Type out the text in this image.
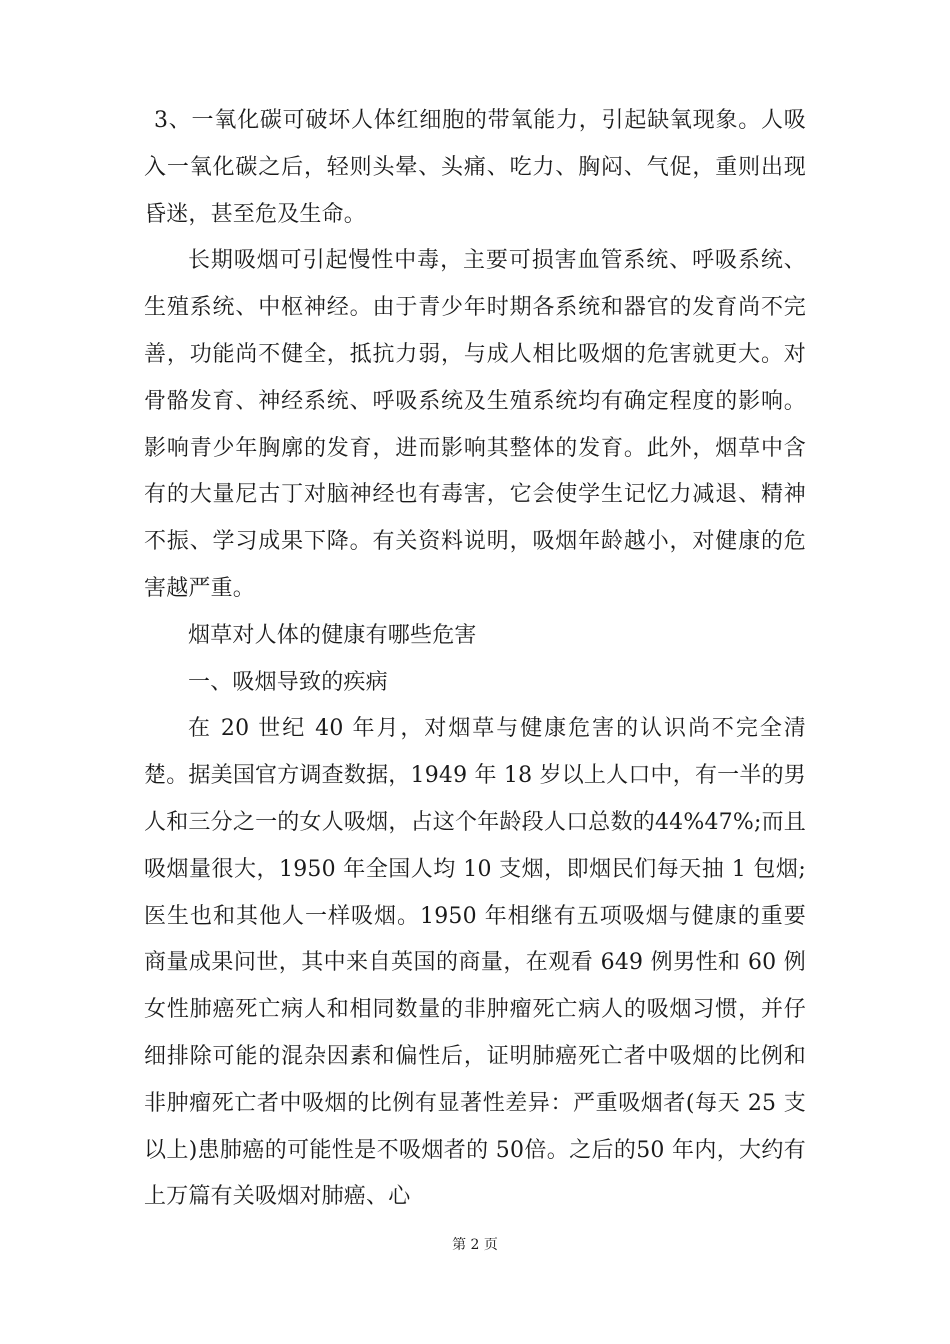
3、一氧化碳可破坏人体红细胞的带氧能力，引起缺氧现象。人吸入一氧化碳之后，轻则头晕、头痛、吃力、胸闷、气促，重则出现昏迷，甚至危及生命。

长期吸烟可引起慢性中毒，主要可损害血管系统、呼吸系统、生殖系统、中枢神经。由于青少年时期各系统和器官的发育尚不完善，功能尚不健全，抵抗力弱，与成人相比吸烟的危害就更大。对骨骼发育、神经系统、呼吸系统及生殖系统均有确定程度的影响。影响青少年胸廓的发育，进而影响其整体的发育。此外，烟草中含有的大量尼古丁对脑神经也有毒害，它会使学生记忆力减退、精神不振、学习成果下降。有关资料说明，吸烟年龄越小，对健康的危害越严重。

烟草对人体的健康有哪些危害

一、吸烟导致的疾病

在 20 世纪 40 年月，对烟草与健康危害的认识尚不完全清楚。据美国官方调查数据，1949 年 18 岁以上人口中，有一半的男人和三分之一的女人吸烟，占这个年龄段人口总数的44%47%;而且吸烟量很大，1950 年全国人均 10 支烟，即烟民们每天抽 1 包烟;医生也和其他人一样吸烟。1950 年相继有五项吸烟与健康的重要商量成果问世，其中来自英国的商量，在观看 649 例男性和 60 例女性肺癌死亡病人和相同数量的非肿瘤死亡病人的吸烟习惯，并仔细排除可能的混杂因素和偏性后，证明肺癌死亡者中吸烟的比例和非肿瘤死亡者中吸烟的比例有显著性差异：严重吸烟者(每天 25 支以上)患肺癌的可能性是不吸烟者的 50倍。之后的50 年内，大约有上万篇有关吸烟对肺癌、心

第 2 页
